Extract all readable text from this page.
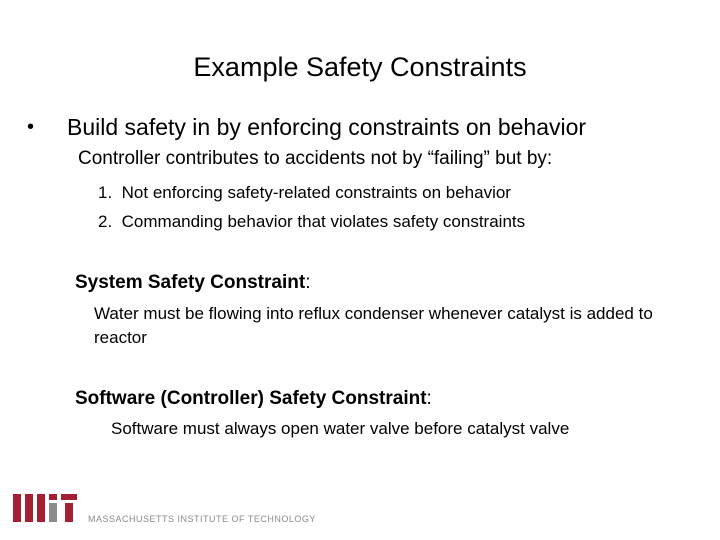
Example Safety Constraints
• Build safety in by enforcing constraints on behavior
Controller contributes to accidents not by “failing” but by:
1. Not enforcing safety-related constraints on behavior
2. Commanding behavior that violates safety constraints
System Safety Constraint:
Water must be flowing into reflux condenser whenever catalyst is added to reactor
Software (Controller) Safety Constraint:
Software must always open water valve before catalyst valve
MASSACHUSETTS INSTITUTE OF TECHNOLOGY
